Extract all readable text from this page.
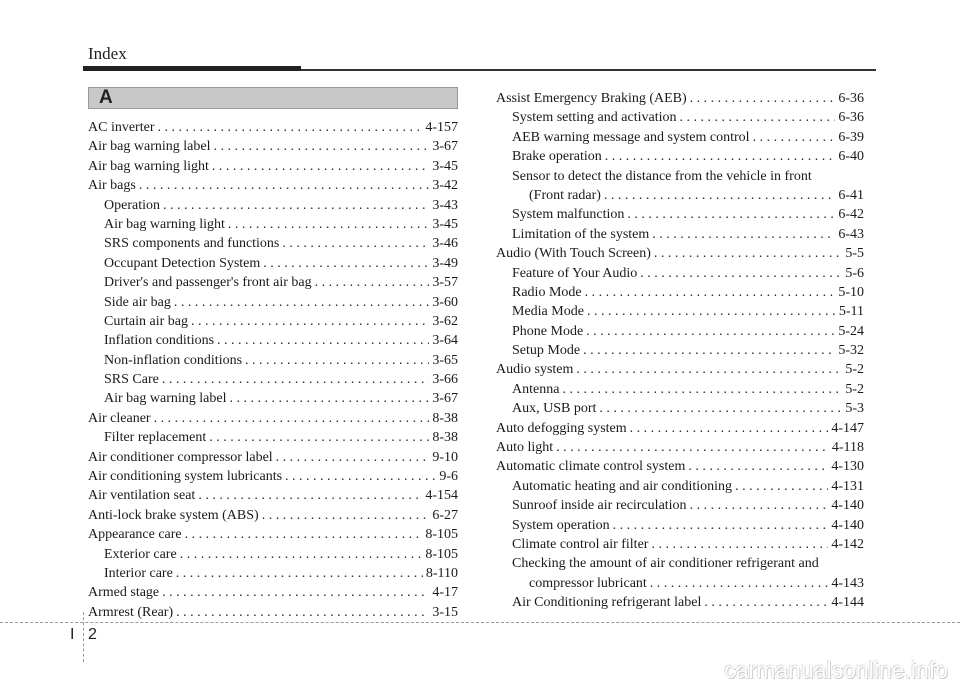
Index
A
AC inverter . . .	4-157
Air bag warning label . . .	3-67
Air bag warning light . . .	3-45
Air bags . . .	3-42
Operation . . .	3-43
Air bag warning light . . .	3-45
SRS components and functions . . .	3-46
Occupant Detection System . . .	3-49
Driver's and passenger's front air bag . . .	3-57
Side air bag . . .	3-60
Curtain air bag . . .	3-62
Inflation conditions . . .	3-64
Non-inflation conditions . . .	3-65
SRS Care . . .	3-66
Air bag warning label . . .	3-67
Air cleaner . . .	8-38
Filter replacement . . .	8-38
Air conditioner compressor label . . .	9-10
Air conditioning system lubricants . . .	9-6
Air ventilation seat . . .	4-154
Anti-lock brake system (ABS) . . .	6-27
Appearance care . . .	8-105
Exterior care . . .	8-105
Interior care . . .	8-110
Armed stage . . .	4-17
Armrest (Rear) . . .	3-15
Assist Emergency Braking (AEB) . . .	6-36
System setting and activation . . .	6-36
AEB warning message and system control . . .	6-39
Brake operation . . .	6-40
Sensor to detect the distance from the vehicle in front
(Front radar) . . .	6-41
System malfunction . . .	6-42
Limitation of the system . . .	6-43
Audio (With Touch Screen) . . .	5-5
Feature of Your Audio . . .	5-6
Radio Mode . . .	5-10
Media Mode . . .	5-11
Phone Mode . . .	5-24
Setup Mode . . .	5-32
Audio system . . .	5-2
Antenna . . .	5-2
Aux, USB port . . .	5-3
Auto defogging system . . .	4-147
Auto light . . .	4-118
Automatic climate control system . . .	4-130
Automatic heating and air conditioning . . .	4-131
Sunroof inside air recirculation . . .	4-140
System operation . . .	4-140
Climate control air filter . . .	4-142
Checking the amount of air conditioner refrigerant and
compressor lubricant . . .	4-143
Air Conditioning refrigerant label . . .	4-144
I 2
carmanualsonline.info
